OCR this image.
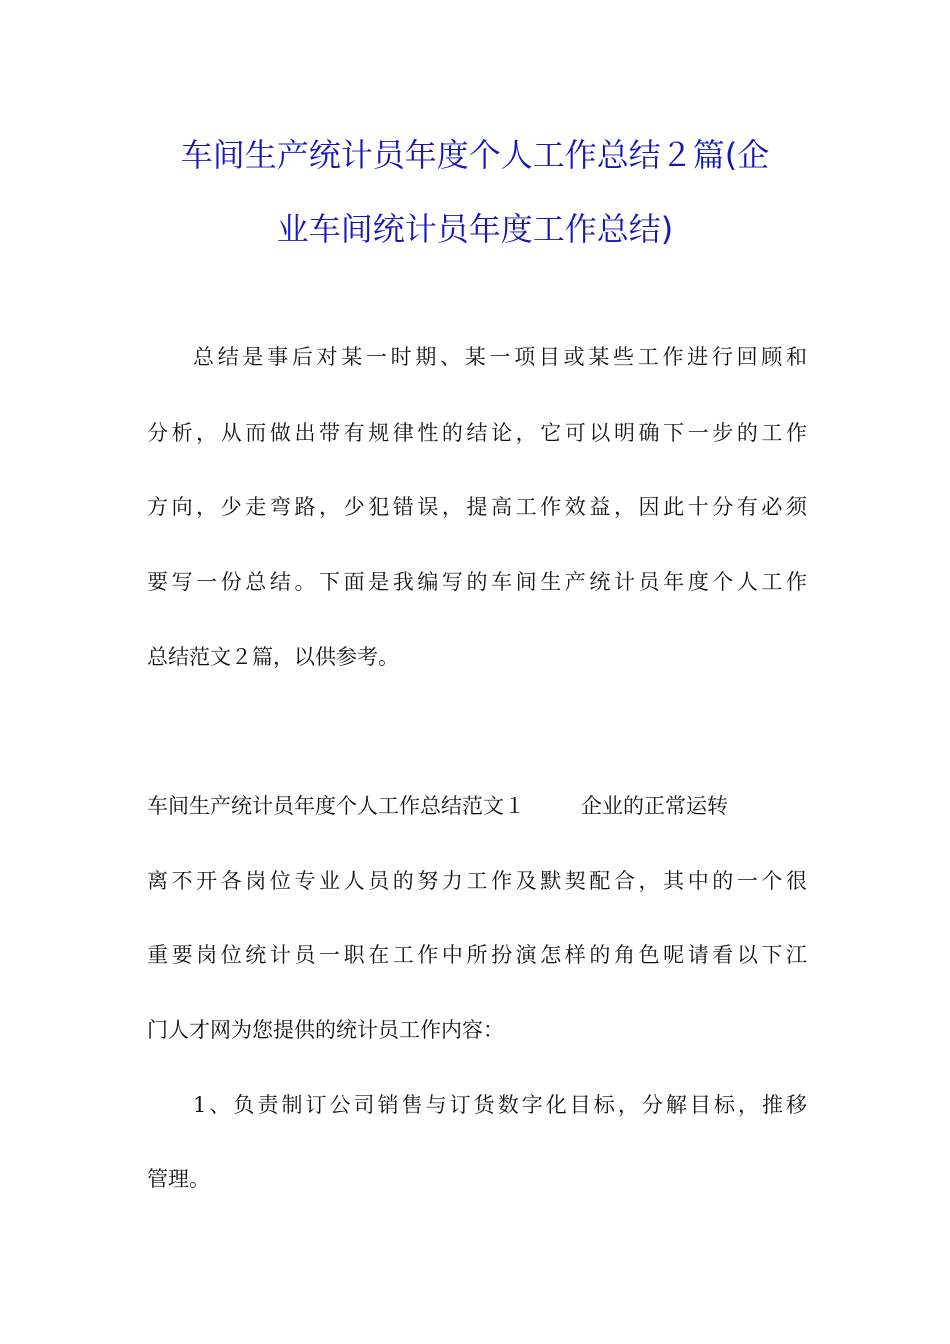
车间生产统计员年度个人工作总结２篇(企
业车间统计员年度工作总结)
总结是事后对某一时期、某一项目或某些工作进行回顾和
分析，从而做出带有规律性的结论，它可以明确下一步的工作
方向，少走弯路，少犯错误，提高工作效益，因此十分有必须
要写一份总结。下面是我编写的车间生产统计员年度个人工作
总结范文２篇，以供参考。
车间生产统计员年度个人工作总结范文１	企业的正常运转
离不开各岗位专业人员的努力工作及默契配合，其中的一个很
重要岗位统计员一职在工作中所扮演怎样的角色呢请看以下江
门人才网为您提供的统计员工作内容：
1、负责制订公司销售与订货数字化目标，分解目标，推移
管理。
